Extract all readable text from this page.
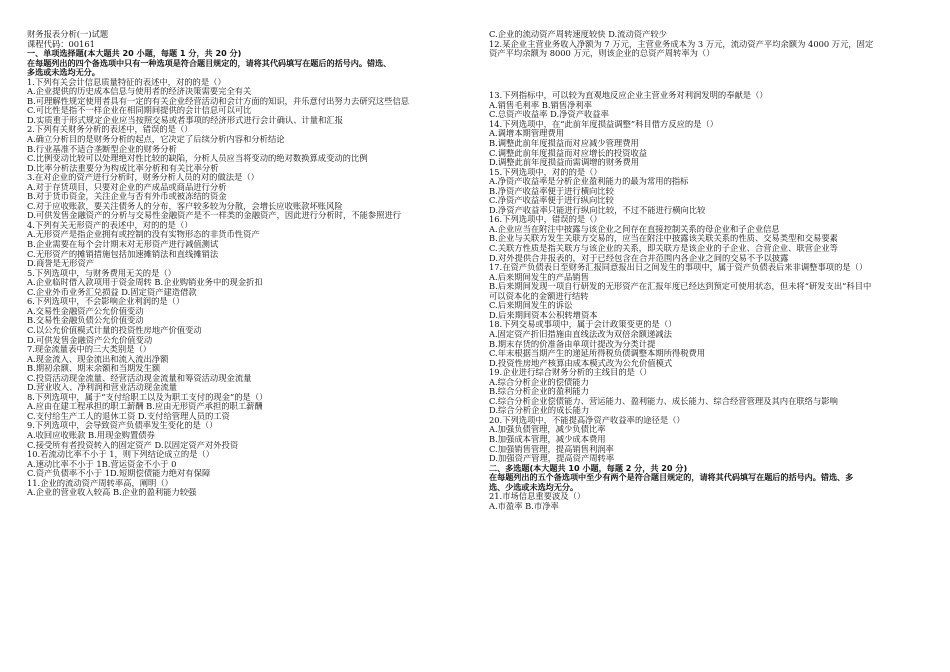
财务报表分析(一)试题
课程代码：00161
一、单项选择题(本大题共 20 小题，每题 1 分，共 20 分)
在每题列出的四个备选项中只有一种选项是符合题目规定的，请将其代码填写在题后的括号内。错选、
多选或未选均无分。
1.下列有关会计信息质量特征的表述中，对的的是（）
A.企业提供的历史成本信息与使用者的经济决策需要完全有关
B.可理解性规定使用者具有一定的有关企业经营活动和会计方面的知识，并乐意付出努力去研究这些信息
C.可比性是指不一样企业在相同期间提供的会计信息可以可比
D.实质重于形式规定企业应当按照交易或者事项的经济形式进行会计确认、计量和汇报
2.下列有关财务分析的表述中，错误的是（）
A.确立分析目的是财务分析的起点，它决定了后续分析内容和分析结论
B.行业基准不适合垄断型企业的财务分析
C.比例变动比较可以处理绝对性比较的缺陷，分析人员应当将变动的绝对数换算成变动的比例
D.比率分析法重要分为构成比率分析和有关比率分析
3.在对企业的资产进行分析时，财务分析人员的对的做法是（）
A.对于存货项目，只要对企业的产成品或商品进行分析
B.对于货币资金，关注企业与否有外币或被冻结的资金
C.对于应收账款，要关注债务人的分布，客户较多较为分散，会增长应收账款坏账风险
D.可供发售金融资产的分析与交易性金融资产是不一样类的金融资产，因此进行分析时，不能参照进行
4.下列有关无形资产的表述中，对的的是（）
A.无形资产是指企业拥有或控制的没有实物形态的非货币性资产
B.企业需要在每个会计期末对无形资产进行减值测试
C.无形资产的摊销措施包括加速摊销法和直线摊销法
D.商誉是无形资产
5.下列选项中，与财务费用无关的是（）
A.企业临时借入款项用于资金周转 B.企业购销业务中的现金折扣
C.企业外币业务汇兑损益 D.固定资产建造借款
6.下列选项中，不会影响企业利润的是（）
A.交易性金融资产公允价值变动
B.交易性金融负债公允价值变动
C.以公允价值模式计量的投资性房地产价值变动
D.可供发售金融资产公允价值变动
7.现金流量表中的三大类别是（）
A.现金流入、现金流出和流入流出净额
B.期初余额、期末余额和当期发生额
C.投资活动现金流量、经营活动现金流量和筹资活动现金流量
D.营业收入、净利润和营业活动现金流量
8.下列选项中，属于“支付给职工以及为职工支付的现金”的是（）
A.应由在建工程承担的职工薪酬 B.应由无形资产承担的职工薪酬
C.支付给生产工人的退休工资 D.支付给管理人员的工资
9.下列选项中，会导致资产负债率发生变化的是（）
A.收回应收账款 B.用现金购置债券
C.接受所有者投资转入的固定资产 D.以固定资产对外投资
10.若流动比率不小于 1，则下列结论成立的是（）
A.速动比率不小于 1B.营运资金不小于 0
C.资产负债率不小于 1D.短期偿债能力绝对有保障
11.企业的流动资产周转率高，阐明（）
A.企业的营业收入较高 B.企业的盈利能力较强
C.企业的流动资产周转速度较快 D.流动资产较少
12.某企业主营业务收入净额为 7 万元，主营业务成本为 3 万元，流动资产平均余额为 4000 万元，固定
资产平均余额为 8000 万元，则该企业的总资产周转率为（）
13.下列指标中，可以较为直观地反应企业主营业务对利润发明的奉献是（）
A.销售毛利率 B.销售净利率
C.总资产收益率 D.净资产收益率
14.下列选项中，在“此前年度损益调整”科目借方反应的是（）
A.调增本期管理费用
B.调整此前年度损益而对应减少管理费用
C.调整此前年度损益而对应增长的投资收益
D.调整此前年度损益而需调增的财务费用
15.下列选项中，对的的是（）
A.净资产收益率是分析企业盈利能力的最为常用的指标
B.净资产收益率便于进行横向比较
C.净资产收益率便于进行纵向比较
D.净资产收益率只能进行纵向比较，不过不能进行横向比较
16.下列选项中，错误的是（）
A.企业应当在附注中披露与该企业之间存在直接控制关系的母企业和子企业信息
B.企业与关联方发生关联方交易的，应当在附注中披露该关联关系的性质、交易类型和交易要素
C.关联方性质是指关联方与该企业的关系，即关联方是该企业的子企业、合营企业、联营企业等
D.对外提供合并报表的，对于已经包含在合并范围内各企业之间的交易不予以披露
17.在资产负债表日至财务汇报同意报出日之间发生的事项中，属于资产负债表后来非调整事项的是（）
A.后来期间发生的产品销售
B.后来期间发现一项自行研发的无形资产在汇报年度已经达到预定可使用状态，但未将“研发支出”科目中
可以资本化的金额进行结转
C.后来期间发生的诉讼
D.后来期间资本公积转增资本
18.下列交易或事项中，属于会计政策变更的是（）
A.固定资产折旧措施由直线法改为双倍余额递减法
B.期末存货的价准备由单项计提改为分类计提
C.年末根据当期产生的递延所得税负债调整本期所得税费用
D.投资性房地产核算由成本模式改为公允价值模式
19.企业进行综合财务分析的主线目的是（）
A.综合分析企业的偿债能力
B.综合分析企业的盈利能力
C.综合分析企业偿债能力、营运能力、盈利能力、成长能力、综合经营管理及其内在联络与影响
D.综合分析企业的成长能力
20.下列选项中，不能提高净资产收益率的途径是（）
A.加强负债管理，减少负债比率
B.加强成本管理，减少成本费用
C.加强销售管理，提高销售利润率
D.加强资产管理，提高资产周转率
二、多选题(本大题共 10 小题，每题 2 分，共 20 分)
在每题列出的五个备选项中至少有两个是符合题目规定的，请将其代码填写在题后的括号内。错选、多
选、少选或未选均无分。
21.市场信息重要波及（）
A.市盈率 B.市净率
